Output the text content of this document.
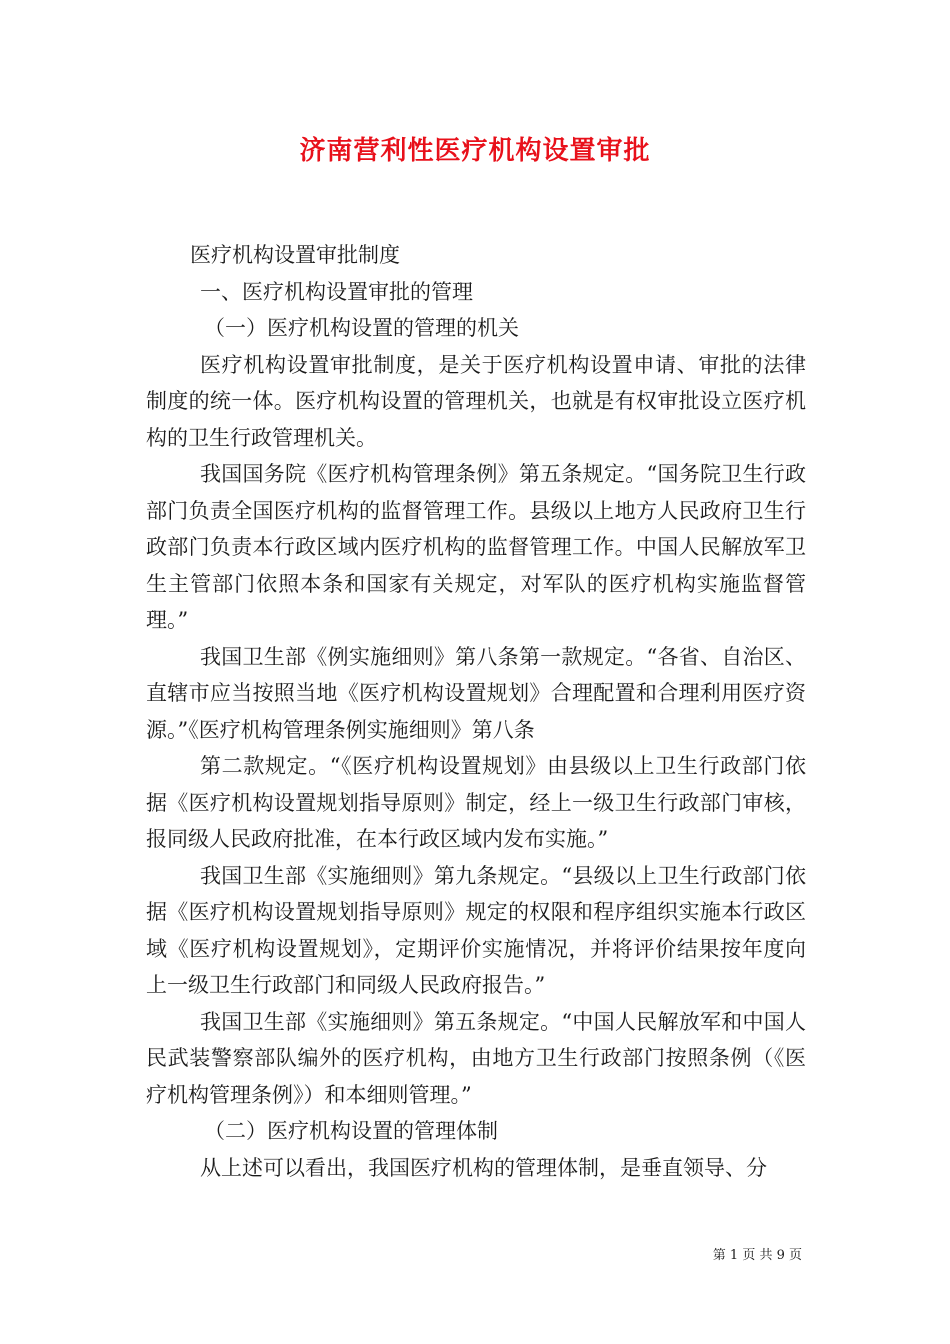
济南营利性医疗机构设置审批

医疗机构设置审批制度

一、医疗机构设置审批的管理

（一）医疗机构设置的管理的机关

医疗机构设置审批制度，是关于医疗机构设置申请、审批的法律制度的统一体。医疗机构设置的管理机关，也就是有权审批设立医疗机构的卫生行政管理机关。

我国国务院《医疗机构管理条例》第五条规定。“国务院卫生行政部门负责全国医疗机构的监督管理工作。县级以上地方人民政府卫生行政部门负责本行政区域内医疗机构的监督管理工作。中国人民解放军卫生主管部门依照本条和国家有关规定，对军队的医疗机构实施监督管理。”

我国卫生部《例实施细则》第八条第一款规定。“各省、自治区、直辖市应当按照当地《医疗机构设置规划》合理配置和合理利用医疗资源。”《医疗机构管理条例实施细则》第八条

第二款规定。“《医疗机构设置规划》由县级以上卫生行政部门依据《医疗机构设置规划指导原则》制定，经上一级卫生行政部门审核，报同级人民政府批准，在本行政区域内发布实施。”

我国卫生部《实施细则》第九条规定。“县级以上卫生行政部门依据《医疗机构设置规划指导原则》规定的权限和程序组织实施本行政区域《医疗机构设置规划》，定期评价实施情况，并将评价结果按年度向上一级卫生行政部门和同级人民政府报告。”

我国卫生部《实施细则》第五条规定。“中国人民解放军和中国人民武装警察部队编外的医疗机构，由地方卫生行政部门按照条例（《医疗机构管理条例》）和本细则管理。”

（二）医疗机构设置的管理体制

从上述可以看出，我国医疗机构的管理体制，是垂直领导、分

第 1 页 共 9 页
